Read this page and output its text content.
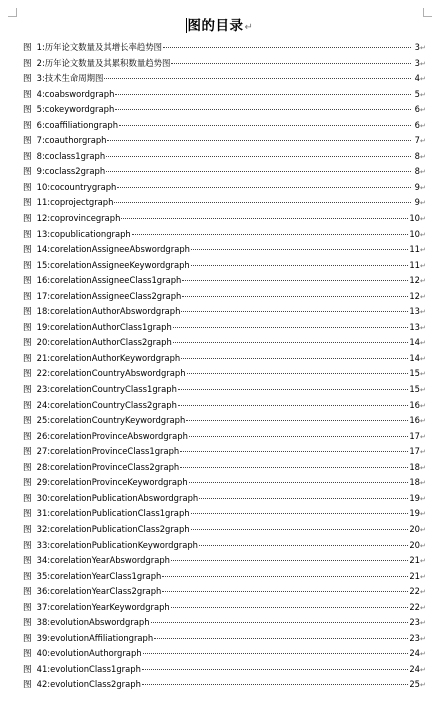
图的目录↵
图 1:历年论文数量及其增长率趋势图	3 ↵
图 2:历年论文数量及其累积数量趋势图	3 ↵
图 3:技术生命周期图	4 ↵
图 4:coabswordgraph	5 ↵
图 5:cokeywordgraph	6 ↵
图 6:coaffiliationgraph	6 ↵
图 7:coauthorgraph	7 ↵
图 8:coclass1graph	8 ↵
图 9:coclass2graph	8 ↵
图 10:cocountrygraph	9 ↵
图 11:coprojectgraph	9 ↵
图 12:coprovincegraph	10 ↵
图 13:copublicationgraph	10 ↵
图 14:corelationAssigneeAbswordgraph	11 ↵
图 15:corelationAssigneeKeywordgraph	11 ↵
图 16:corelationAssigneeClass1graph	12 ↵
图 17:corelationAssigneeClass2graph	12 ↵
图 18:corelationAuthorAbswordgraph	13 ↵
图 19:corelationAuthorClass1graph	13 ↵
图 20:corelationAuthorClass2graph	14 ↵
图 21:corelationAuthorKeywordgraph	14 ↵
图 22:corelationCountryAbswordgraph	15 ↵
图 23:corelationCountryClass1graph	15 ↵
图 24:corelationCountryClass2graph	16 ↵
图 25:corelationCountryKeywordgraph	16 ↵
图 26:corelationProvinceAbswordgraph	17 ↵
图 27:corelationProvinceClass1graph	17 ↵
图 28:corelationProvinceClass2graph	18 ↵
图 29:corelationProvinceKeywordgraph	18 ↵
图 30:corelationPublicationAbswordgraph	19 ↵
图 31:corelationPublicationClass1graph	19 ↵
图 32:corelationPublicationClass2graph	20 ↵
图 33:corelationPublicationKeywordgraph	20 ↵
图 34:corelationYearAbswordgraph	21 ↵
图 35:corelationYearClass1graph	21 ↵
图 36:corelationYearClass2graph	22 ↵
图 37:corelationYearKeywordgraph	22 ↵
图 38:evolutionAbswordgraph	23 ↵
图 39:evolutionAffiliationgraph	23 ↵
图 40:evolutionAuthorgraph	24 ↵
图 41:evolutionClass1graph	24 ↵
图 42:evolutionClass2graph	25 ↵
